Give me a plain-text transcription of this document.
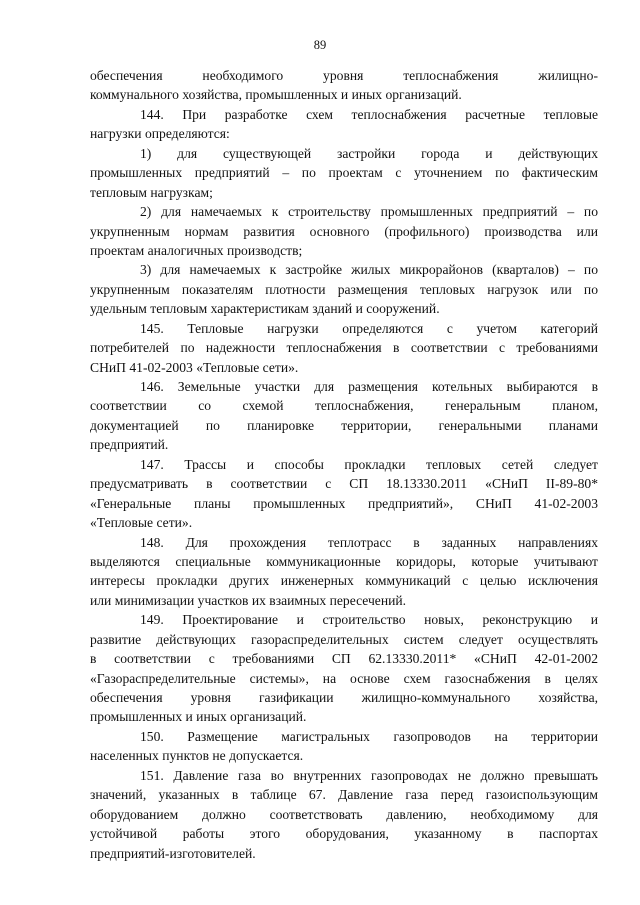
89
обеспечения необходимого уровня теплоснабжения жилищно-
коммунального хозяйства, промышленных и иных организаций.
144. При разработке схем теплоснабжения расчетные тепловые
нагрузки определяются:
1) для существующей застройки города и действующих
промышленных предприятий – по проектам с уточнением по фактическим
тепловым нагрузкам;
2) для намечаемых к строительству промышленных предприятий – по
укрупненным нормам развития основного (профильного) производства или
проектам аналогичных производств;
3) для намечаемых к застройке жилых микрорайонов (кварталов) – по
укрупненным показателям плотности размещения тепловых нагрузок или по
удельным тепловым характеристикам зданий и сооружений.
145. Тепловые нагрузки определяются с учетом категорий
потребителей по надежности теплоснабжения в соответствии с требованиями
СНиП 41-02-2003 «Тепловые сети».
146. Земельные участки для размещения котельных выбираются в
соответствии со схемой теплоснабжения, генеральным планом,
документацией по планировке территории, генеральными планами
предприятий.
147. Трассы и способы прокладки тепловых сетей следует
предусматривать в соответствии с СП 18.13330.2011 «СНиП II-89-80*
«Генеральные планы промышленных предприятий», СНиП 41-02-2003
«Тепловые сети».
148. Для прохождения теплотрасс в заданных направлениях
выделяются специальные коммуникационные коридоры, которые учитывают
интересы прокладки других инженерных коммуникаций с целью исключения
или минимизации участков их взаимных пересечений.
149. Проектирование и строительство новых, реконструкцию и
развитие действующих газораспределительных систем следует осуществлять
в соответствии с требованиями СП 62.13330.2011* «СНиП 42-01-2002
«Газораспределительные системы», на основе схем газоснабжения в целях
обеспечения уровня газификации жилищно-коммунального хозяйства,
промышленных и иных организаций.
150. Размещение магистральных газопроводов на территории
населенных пунктов не допускается.
151. Давление газа во внутренних газопроводах не должно превышать
значений, указанных в таблице 67. Давление газа перед газоиспользующим
оборудованием должно соответствовать давлению, необходимому для
устойчивой работы этого оборудования, указанному в паспортах
предприятий-изготовителей.
